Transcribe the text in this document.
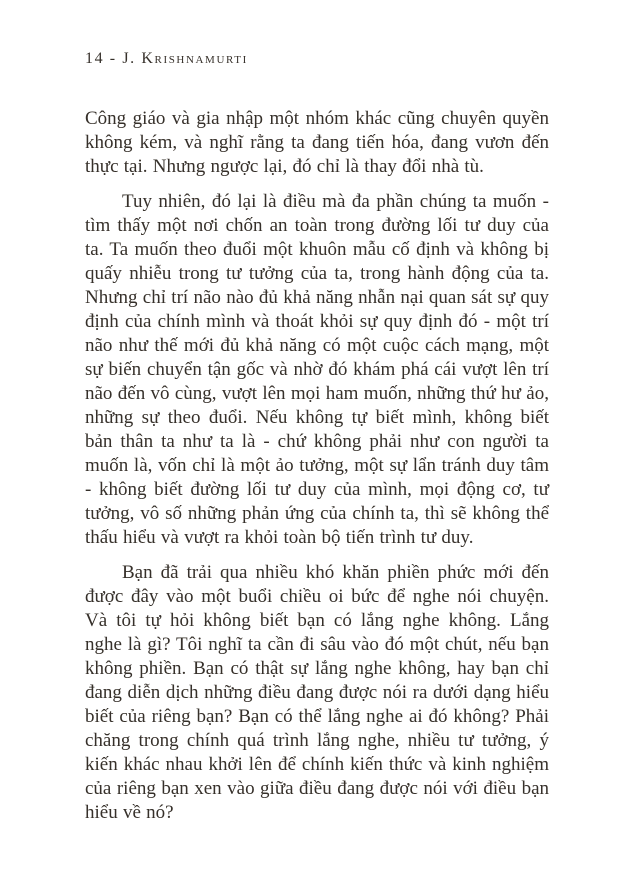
14 - J. Krishnamurti

Công giáo và gia nhập một nhóm khác cũng chuyên quyền không kém, và nghĩ rằng ta đang tiến hóa, đang vươn đến thực tại. Nhưng ngược lại, đó chỉ là thay đổi nhà tù.

Tuy nhiên, đó lại là điều mà đa phần chúng ta muốn - tìm thấy một nơi chốn an toàn trong đường lối tư duy của ta. Ta muốn theo đuổi một khuôn mẫu cố định và không bị quấy nhiễu trong tư tưởng của ta, trong hành động của ta. Nhưng chỉ trí não nào đủ khả năng nhẫn nại quan sát sự quy định của chính mình và thoát khỏi sự quy định đó - một trí não như thế mới đủ khả năng có một cuộc cách mạng, một sự biến chuyển tận gốc và nhờ đó khám phá cái vượt lên trí não đến vô cùng, vượt lên mọi ham muốn, những thứ hư ảo, những sự theo đuổi. Nếu không tự biết mình, không biết bản thân ta như ta là - chứ không phải như con người ta muốn là, vốn chỉ là một ảo tưởng, một sự lẩn tránh duy tâm - không biết đường lối tư duy của mình, mọi động cơ, tư tưởng, vô số những phản ứng của chính ta, thì sẽ không thể thấu hiểu và vượt ra khỏi toàn bộ tiến trình tư duy.

Bạn đã trải qua nhiều khó khăn phiền phức mới đến được đây vào một buổi chiều oi bức để nghe nói chuyện. Và tôi tự hỏi không biết bạn có lắng nghe không. Lắng nghe là gì? Tôi nghĩ ta cần đi sâu vào đó một chút, nếu bạn không phiền. Bạn có thật sự lắng nghe không, hay bạn chỉ đang diễn dịch những điều đang được nói ra dưới dạng hiểu biết của riêng bạn? Bạn có thể lắng nghe ai đó không? Phải chăng trong chính quá trình lắng nghe, nhiều tư tưởng, ý kiến khác nhau khởi lên để chính kiến thức và kinh nghiệm của riêng bạn xen vào giữa điều đang được nói với điều bạn hiểu về nó?
